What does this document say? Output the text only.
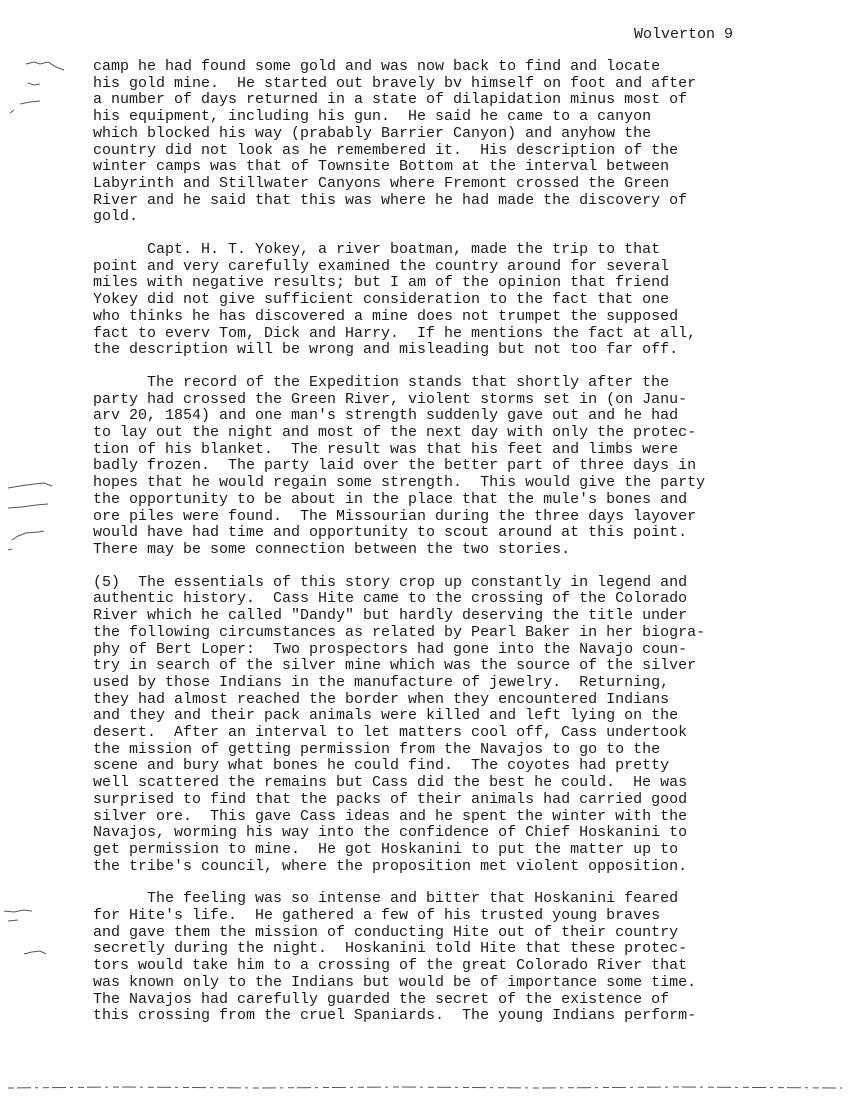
Wolverton 9
camp he had found some gold and was now back to find and locate
his gold mine.  He started out bravely bv himself on foot and after
a number of days returned in a state of dilapidation minus most of
his equipment, including his gun.  He said he came to a canyon
which blocked his way (prabably Barrier Canyon) and anyhow the
country did not look as he remembered it.  His description of the
winter camps was that of Townsite Bottom at the interval between
Labyrinth and Stillwater Canyons where Fremont crossed the Green
River and he said that this was where he had made the discovery of
gold.
Capt. H. T. Yokey, a river boatman, made the trip to that
point and very carefully examined the country around for several
miles with negative results; but I am of the opinion that friend
Yokey did not give sufficient consideration to the fact that one
who thinks he has discovered a mine does not trumpet the supposed
fact to everv Tom, Dick and Harry.  If he mentions the fact at all,
the description will be wrong and misleading but not too far off.
The record of the Expedition stands that shortly after the
party had crossed the Green River, violent storms set in (on Janu-
arv 20, 1854) and one man's strength suddenly gave out and he had
to lay out the night and most of the next day with only the protec-
tion of his blanket.  The result was that his feet and limbs were
badly frozen.  The party laid over the better part of three days in
hopes that he would regain some strength.  This would give the party
the opportunity to be about in the place that the mule's bones and
ore piles were found.  The Missourian during the three days layover
would have had time and opportunity to scout around at this point.
There may be some connection between the two stories.
(5)  The essentials of this story crop up constantly in legend and
authentic history.  Cass Hite came to the crossing of the Colorado
River which he called "Dandy" but hardly deserving the title under
the following circumstances as related by Pearl Baker in her biogra-
phy of Bert Loper:  Two prospectors had gone into the Navajo coun-
try in search of the silver mine which was the source of the silver
used by those Indians in the manufacture of jewelry.  Returning,
they had almost reached the border when they encountered Indians
and they and their pack animals were killed and left lying on the
desert.  After an interval to let matters cool off, Cass undertook
the mission of getting permission from the Navajos to go to the
scene and bury what bones he could find.  The coyotes had pretty
well scattered the remains but Cass did the best he could.  He was
surprised to find that the packs of their animals had carried good
silver ore.  This gave Cass ideas and he spent the winter with the
Navajos, worming his way into the confidence of Chief Hoskanini to
get permission to mine.  He got Hoskanini to put the matter up to
the tribe's council, where the proposition met violent opposition.
The feeling was so intense and bitter that Hoskanini feared
for Hite's life.  He gathered a few of his trusted young braves
and gave them the mission of conducting Hite out of their country
secretly during the night.  Hoskanini told Hite that these protec-
tors would take him to a crossing of the great Colorado River that
was known only to the Indians but would be of importance some time.
The Navajos had carefully guarded the secret of the existence of
this crossing from the cruel Spaniards.  The young Indians perform-
